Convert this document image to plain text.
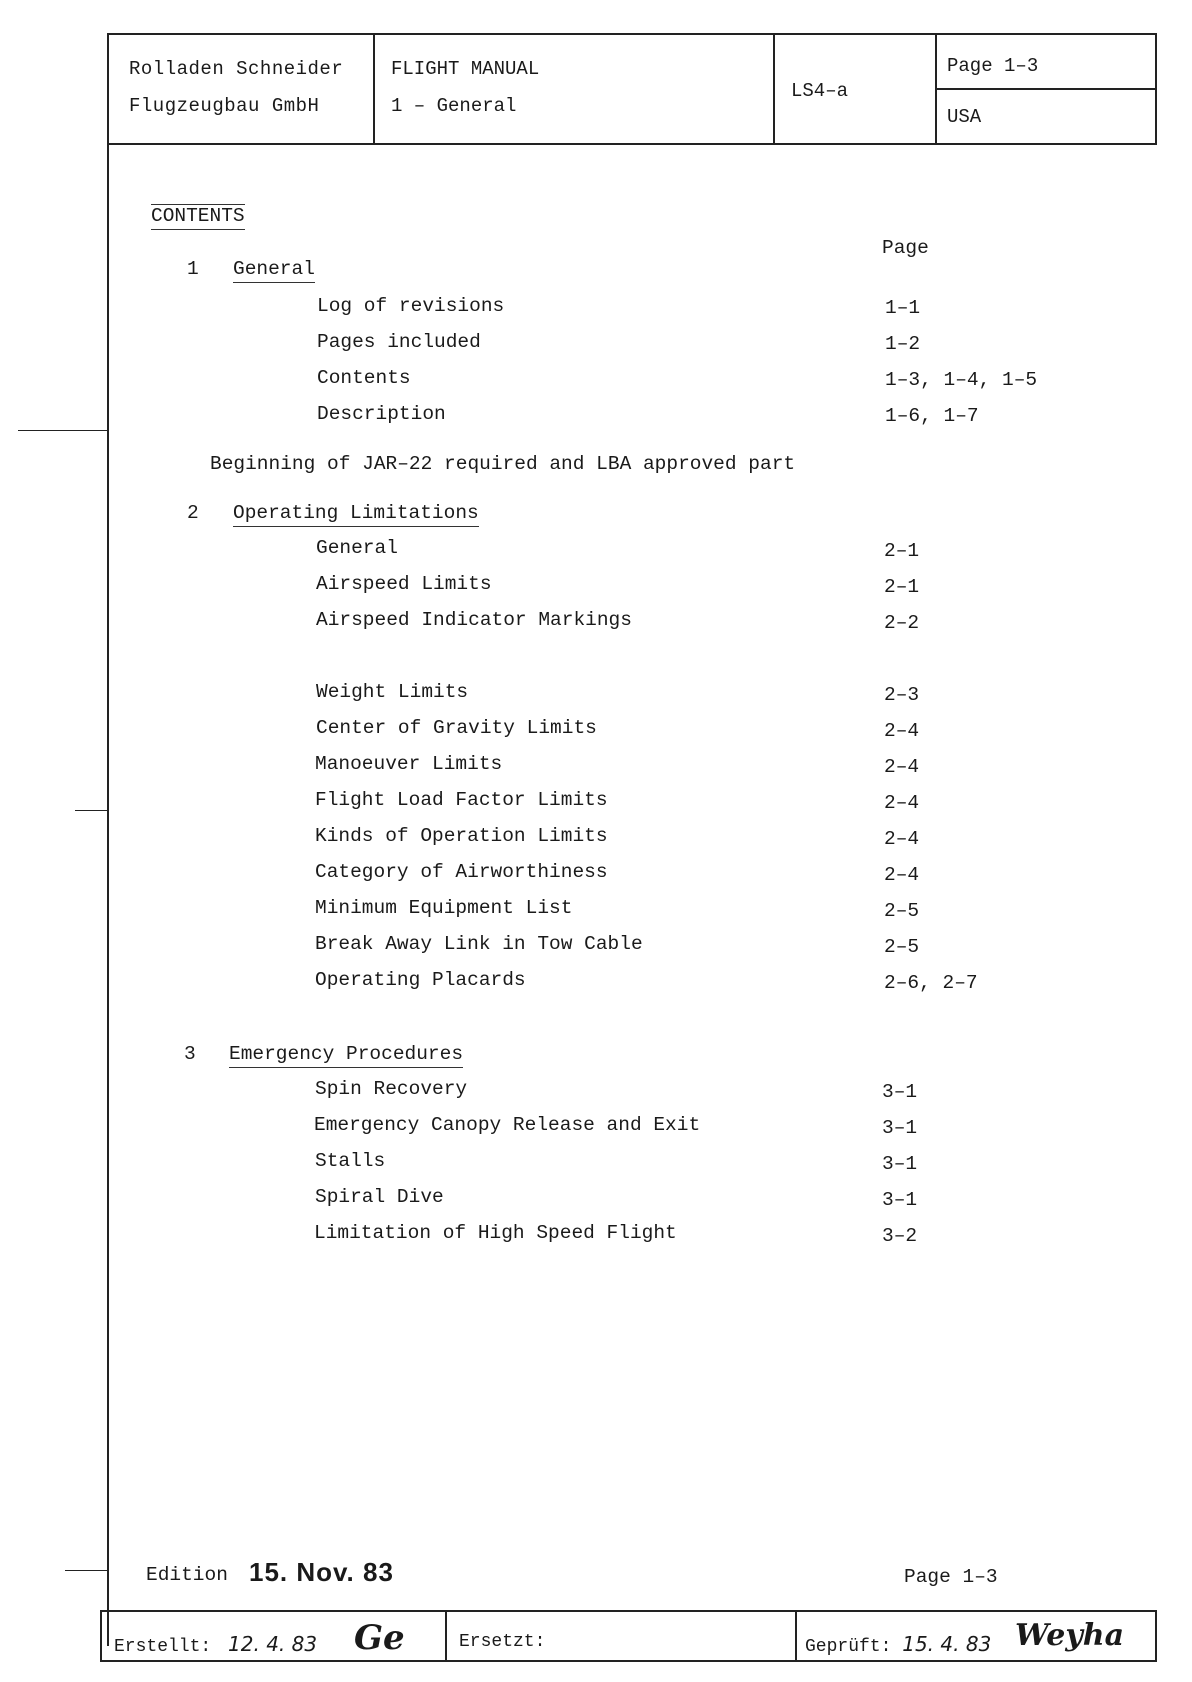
Rolladen Schneider
Flugzeugbau GmbH
FLIGHT MANUAL
1 – General
LS4–a
Page 1–3
USA
CONTENTS
Page
1 General
Log of revisions	1–1
Pages included	1–2
Contents	1–3, 1–4, 1–5
Description	1–6, 1–7
Beginning of JAR–22 required and LBA approved part
2 Operating Limitations
General	2–1
Airspeed Limits	2–1
Airspeed Indicator Markings	2–2
Weight Limits	2–3
Center of Gravity Limits	2–4
Manoeuver Limits	2–4
Flight Load Factor Limits	2–4
Kinds of Operation Limits	2–4
Category of Airworthiness	2–4
Minimum Equipment List	2–5
Break Away Link in Tow Cable	2–5
Operating Placards	2–6, 2–7
3 Emergency Procedures
Spin Recovery	3–1
Emergency Canopy Release and Exit	3–1
Stalls	3–1
Spiral Dive	3–1
Limitation of High Speed Flight	3–2
Edition 15. Nov. 83	Page 1–3
Erstellt: 12. 4. 83 Ge	Ersetzt:	Geprüft: 15. 4. 83 Weyha
